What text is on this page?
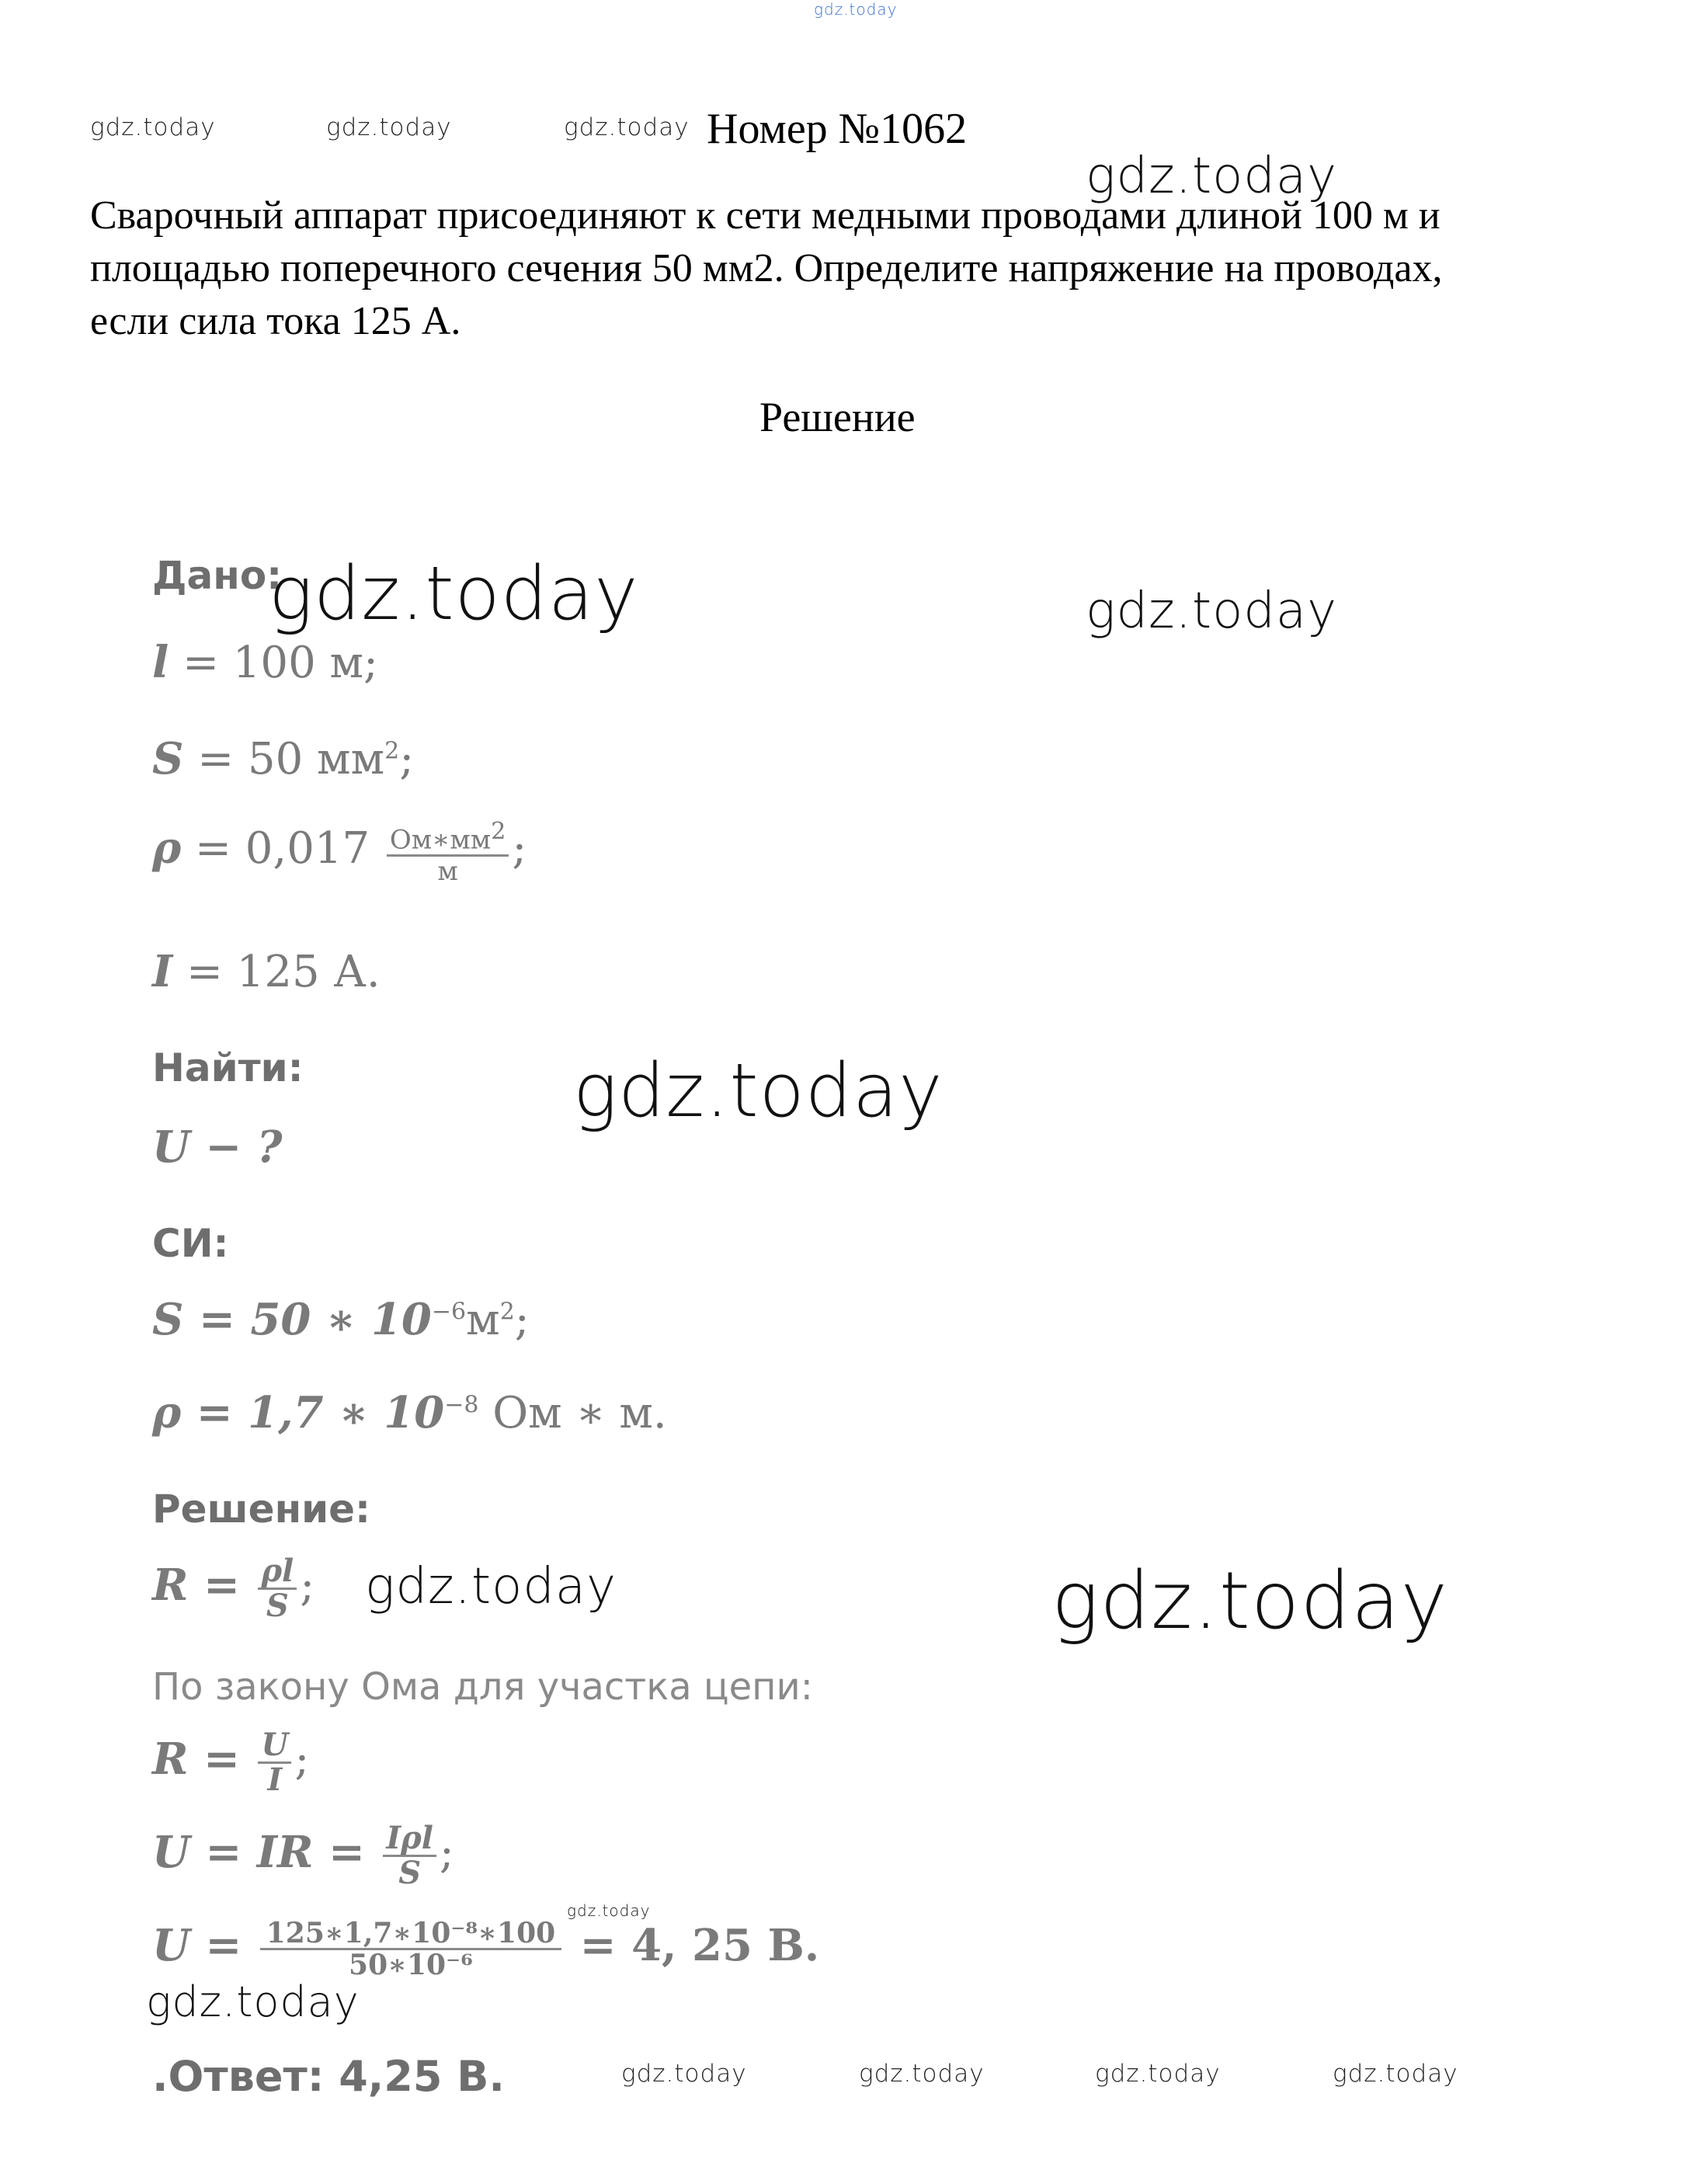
gdz.today
gdz.today	gdz.today	gdz.today Номер №1062
gdz.today
Сварочный аппарат присоединяют к сети медными проводами длиной 100 м и площадью поперечного сечения 50 мм2. Определите напряжение на проводах, если сила тока 125 А.
Решение
Дано:
l = 100 м;
S = 50 $мм^2$;
$\rho = 0,017 \frac{Ом∗мм^2}{м}$ ;
I = 125 А.
Найти:
U − ?
СИ:
S = 50 ∗ $10^{-6}м^2$;
ρ = 1,7 ∗ $10^{-8}$ Ом ∗ м.
Решение:
$R = \frac{\rho l}{S}$ ;
По закону Ома для участка цепи:
$R = \frac{U}{I}$ ;
U = IR = $\frac{\text{Iρl}}{S}$ ;
$U = \frac{\text{125∗1,7∗10⁻⁸∗100}}{\text{50∗10⁻⁶}} = 4$, 25 В.
.Ответ: 4,25 В.
gdz.today	gdz.today
gdz.today
gdz.today	gdz.today
gdz.today
gdz.today
gdz.today	gdz.today	gdz.today	gdz.today
